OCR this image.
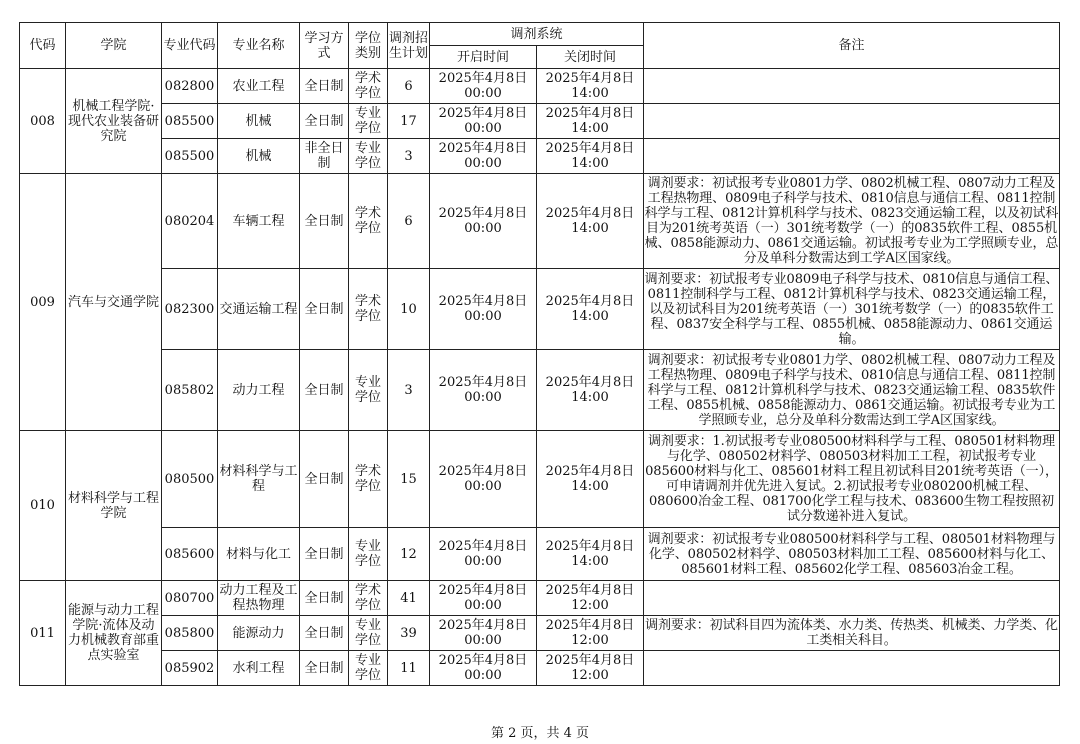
代码	学院	专业代码	专业名称	学习方式	学位类别	调剂招生计划	调剂系统		备注
							开启时间	关闭时间	
008	机械工程学院·现代农业装备研究院	082800	农业工程	全日制	学术学位	6	2025年4月8日 00:00	2025年4月8日 14:00	
		085500	机械	全日制	专业学位	17	2025年4月8日 00:00	2025年4月8日 14:00	
		085500	机械	非全日制	专业学位	3	2025年4月8日 00:00	2025年4月8日 14:00	
009	汽车与交通学院	080204	车辆工程	全日制	学术学位	6	2025年4月8日 00:00	2025年4月8日 14:00	调剂要求：初试报考专业0801力学、0802机械工程、0807动力工程及工程热物理、0809电子科学与技术、0810信息与通信工程、0811控制科学与工程、0812计算机科学与技术、0823交通运输工程，以及初试科目为201统考英语（一）301统考数学（一）的0835软件工程、0855机械、0858能源动力、0861交通运输。初试报考专业为工学照顾专业，总分及单科分数需达到工学A区国家线。
		082300	交通运输工程	全日制	学术学位	10	2025年4月8日 00:00	2025年4月8日 14:00	调剂要求：初试报考专业0809电子科学与技术、0810信息与通信工程、0811控制科学与工程、0812计算机科学与技术、0823交通运输工程，以及初试科目为201统考英语（一）301统考数学（一）的0835软件工程、0837安全科学与工程、0855机械、0858能源动力、0861交通运输。
		085802	动力工程	全日制	专业学位	3	2025年4月8日 00:00	2025年4月8日 14:00	调剂要求：初试报考专业0801力学、0802机械工程、0807动力工程及工程热物理、0809电子科学与技术、0810信息与通信工程、0811控制科学与工程、0812计算机科学与技术、0823交通运输工程、0835软件工程、0855机械、0858能源动力、0861交通运输。初试报考专业为工学照顾专业，总分及单科分数需达到工学A区国家线。
010	材料科学与工程学院	080500	材料科学与工程	全日制	学术学位	15	2025年4月8日 00:00	2025年4月8日 14:00	调剂要求：1.初试报考专业080500材料科学与工程、080501材料物理与化学、080502材料学、080503材料加工工程，初试报考专业085600材料与化工、085601材料工程且初试科目201统考英语（一），可申请调剂并优先进入复试。2.初试报考专业080200机械工程、080600冶金工程、081700化学工程与技术、083600生物工程按照初试分数递补进入复试。
		085600	材料与化工	全日制	专业学位	12	2025年4月8日 00:00	2025年4月8日 14:00	调剂要求：初试报考专业080500材料科学与工程、080501材料物理与化学、080502材料学、080503材料加工工程、085600材料与化工、085601材料工程、085602化学工程、085603冶金工程。
011	能源与动力工程学院·流体及动力机械教育部重点实验室	080700	动力工程及工程热物理	全日制	学术学位	41	2025年4月8日 00:00	2025年4月8日 12:00	
		085800	能源动力	全日制	专业学位	39	2025年4月8日 00:00	2025年4月8日 12:00	调剂要求：初试科目四为流体类、水力类、传热类、机械类、力学类、化工类相关科目。
		085902	水利工程	全日制	专业学位	11	2025年4月8日 00:00	2025年4月8日 12:00	
第 2 页，共 4 页
